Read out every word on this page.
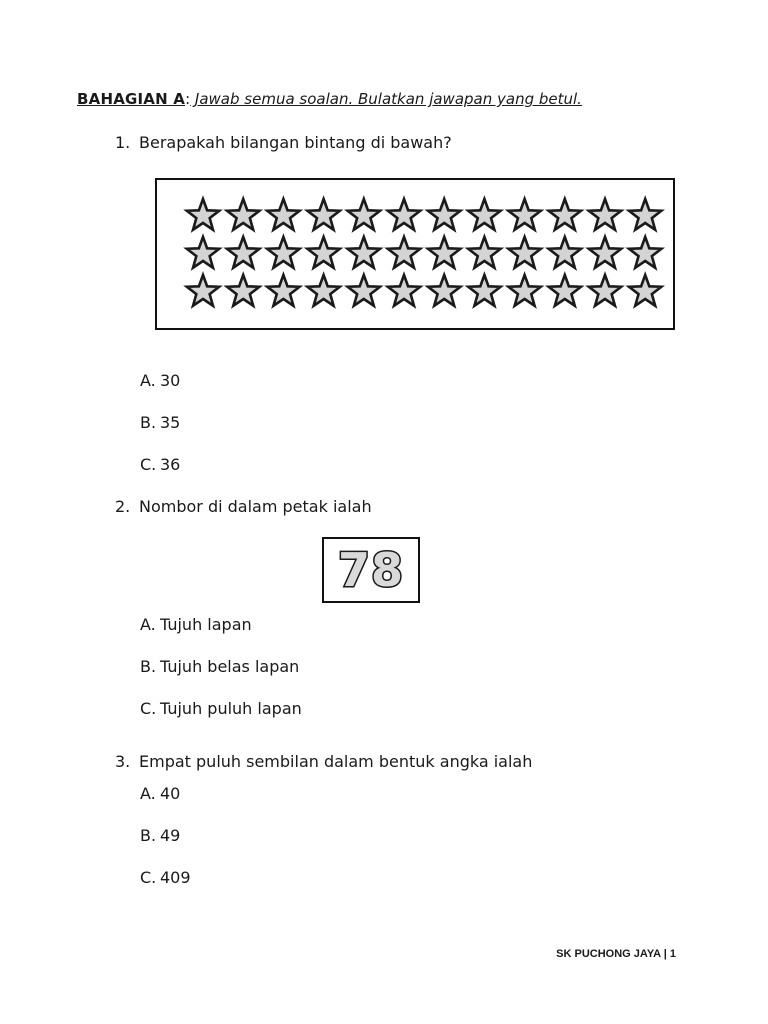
BAHAGIAN A: Jawab semua soalan. Bulatkan jawapan yang betul.
1. Berapakah bilangan bintang di bawah?
A. 30
B. 35
C. 36
2. Nombor di dalam petak ialah
78
A. Tujuh lapan
B. Tujuh belas lapan
C. Tujuh puluh lapan
3. Empat puluh sembilan dalam bentuk angka ialah
A. 40
B. 49
C. 409
SK PUCHONG JAYA | 1
